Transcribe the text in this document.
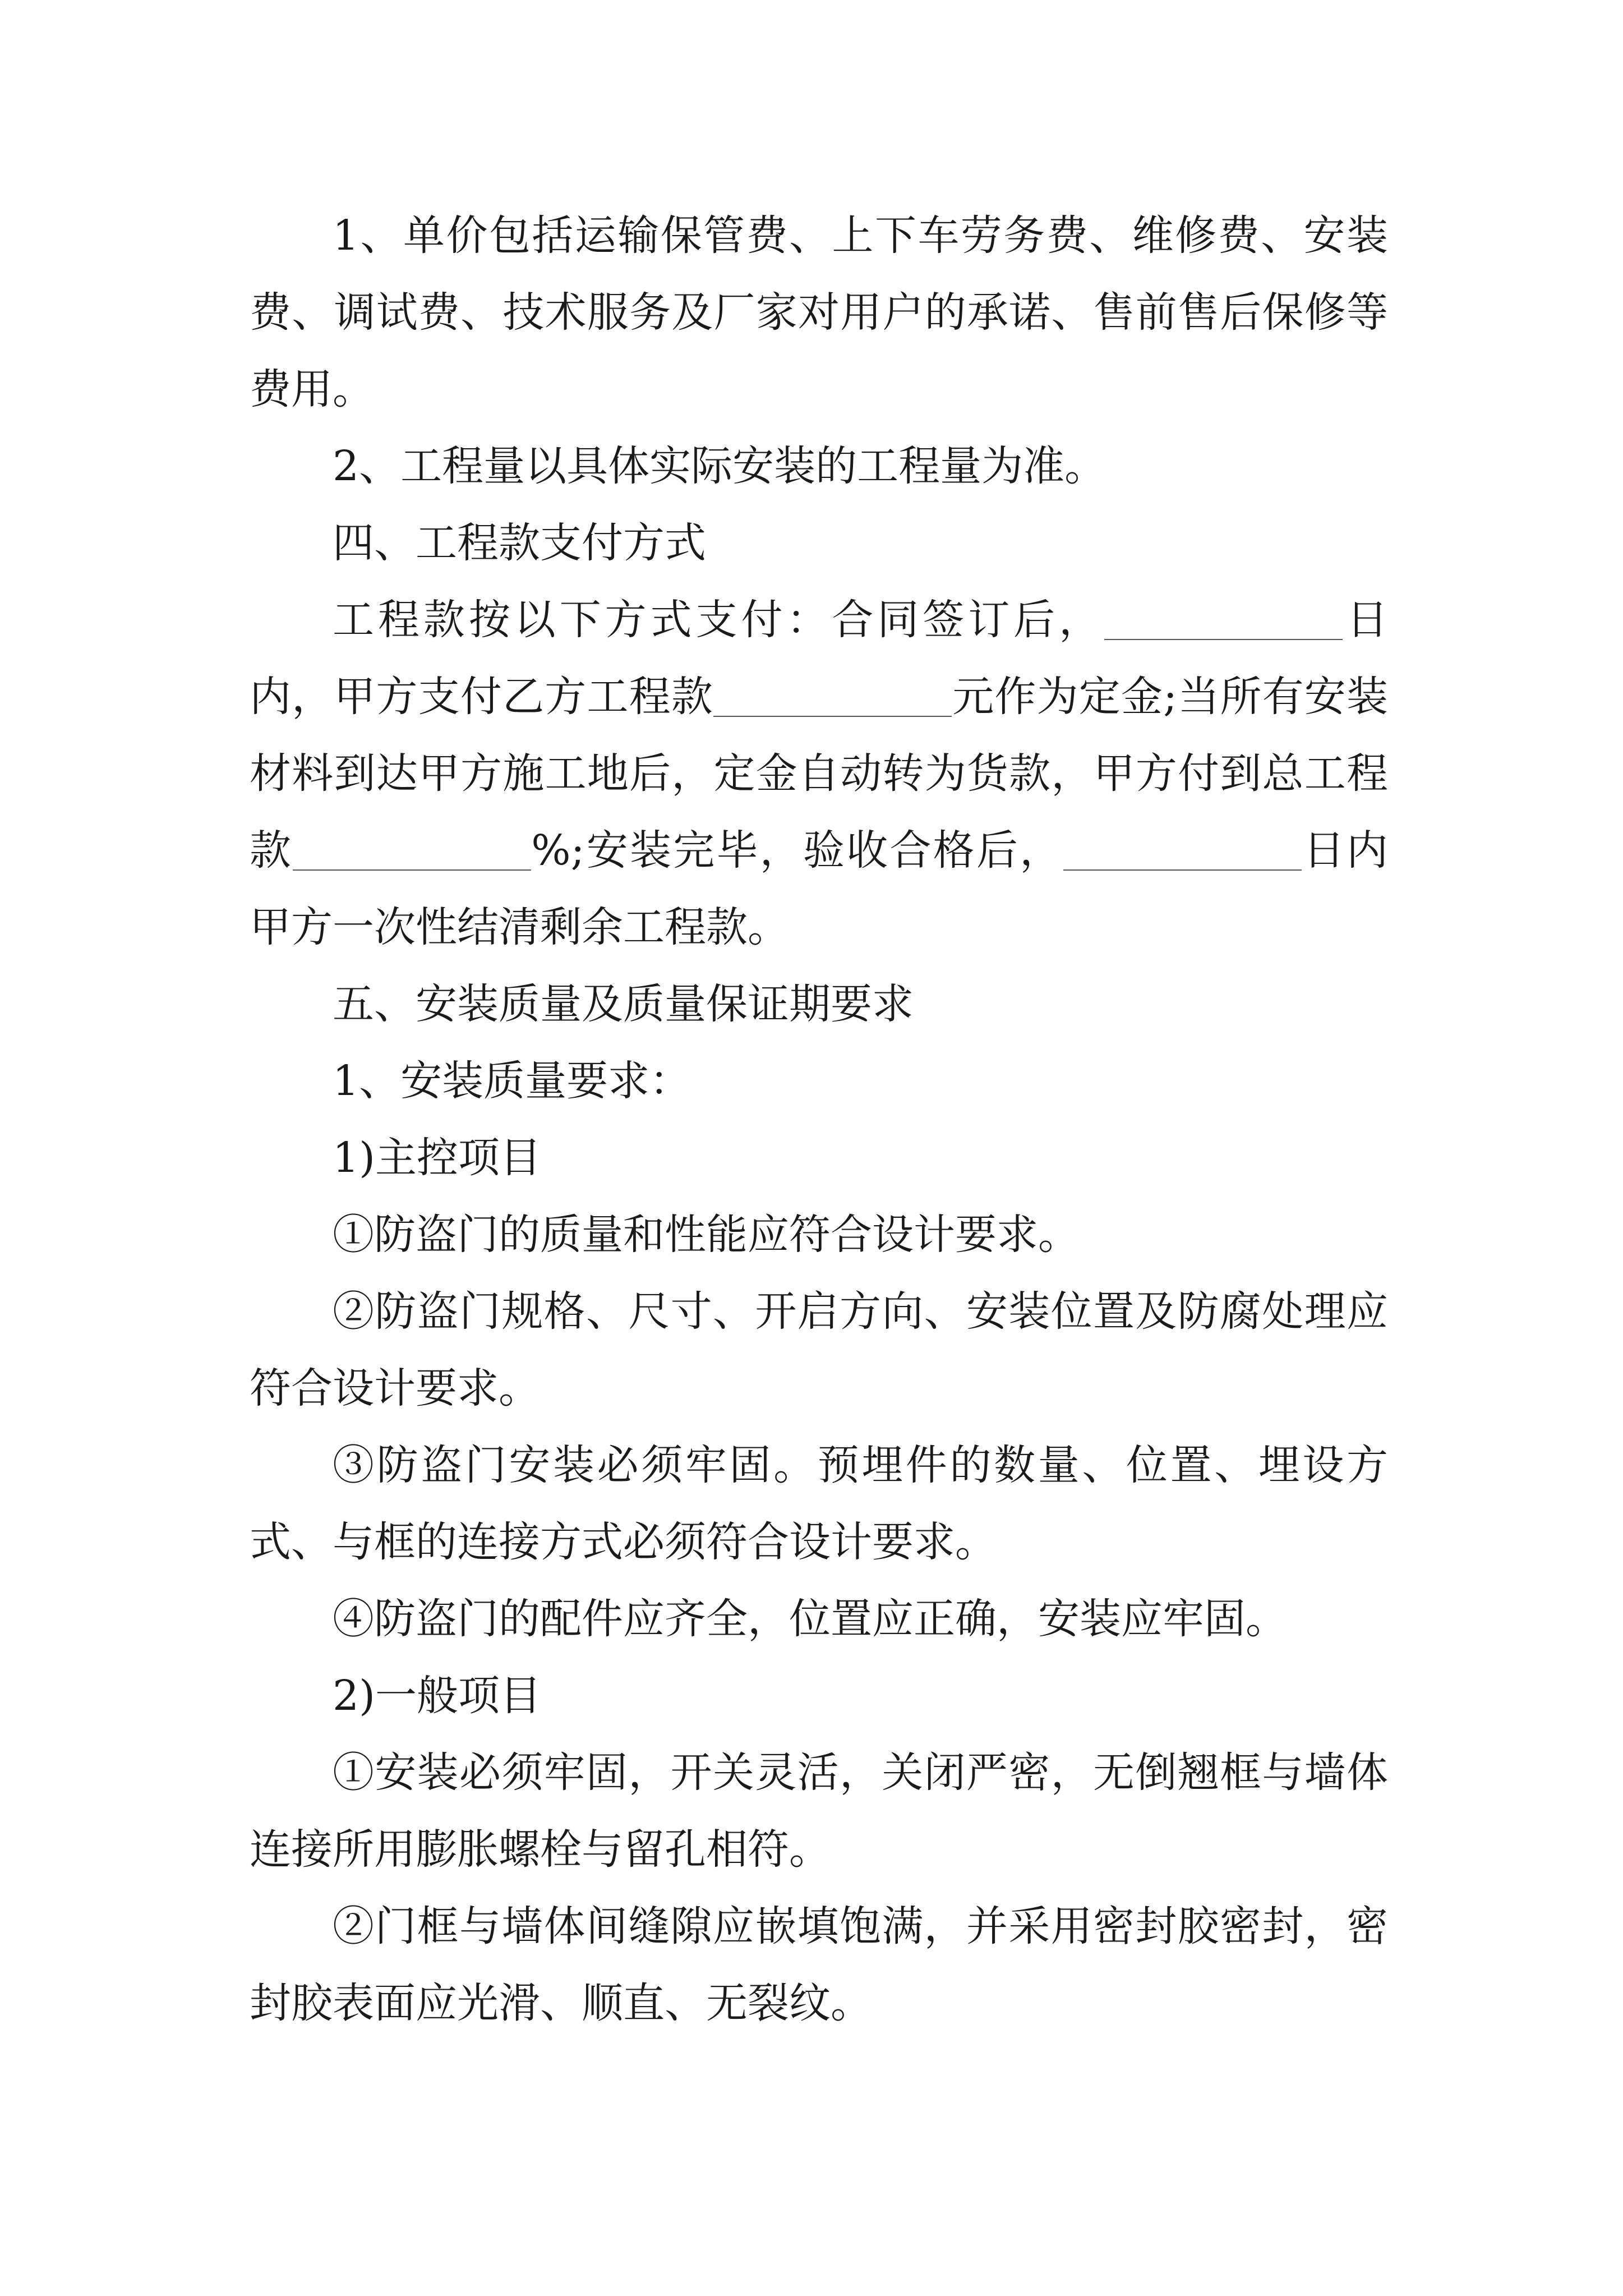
1、单价包括运输保管费、上下车劳务费、维修费、安装费、调试费、技术服务及厂家对用户的承诺、售前售后保修等费用。

2、工程量以具体实际安装的工程量为准。

四、工程款支付方式

工程款按以下方式支付：合同签订后，	日内，甲方支付乙方工程款	元作为定金;当所有安装材料到达甲方施工地后，定金自动转为货款，甲方付到总工程款	%;安装完毕，验收合格后，	日内甲方一次性结清剩余工程款。

五、安装质量及质量保证期要求

1、安装质量要求：

1)主控项目

①防盗门的质量和性能应符合设计要求。

②防盗门规格、尺寸、开启方向、安装位置及防腐处理应符合设计要求。

③防盗门安装必须牢固。预埋件的数量、位置、埋设方式、与框的连接方式必须符合设计要求。

④防盗门的配件应齐全，位置应正确，安装应牢固。

2)一般项目

①安装必须牢固，开关灵活，关闭严密，无倒翘框与墙体连接所用膨胀螺栓与留孔相符。

②门框与墙体间缝隙应嵌填饱满，并采用密封胶密封，密封胶表面应光滑、顺直、无裂纹。
